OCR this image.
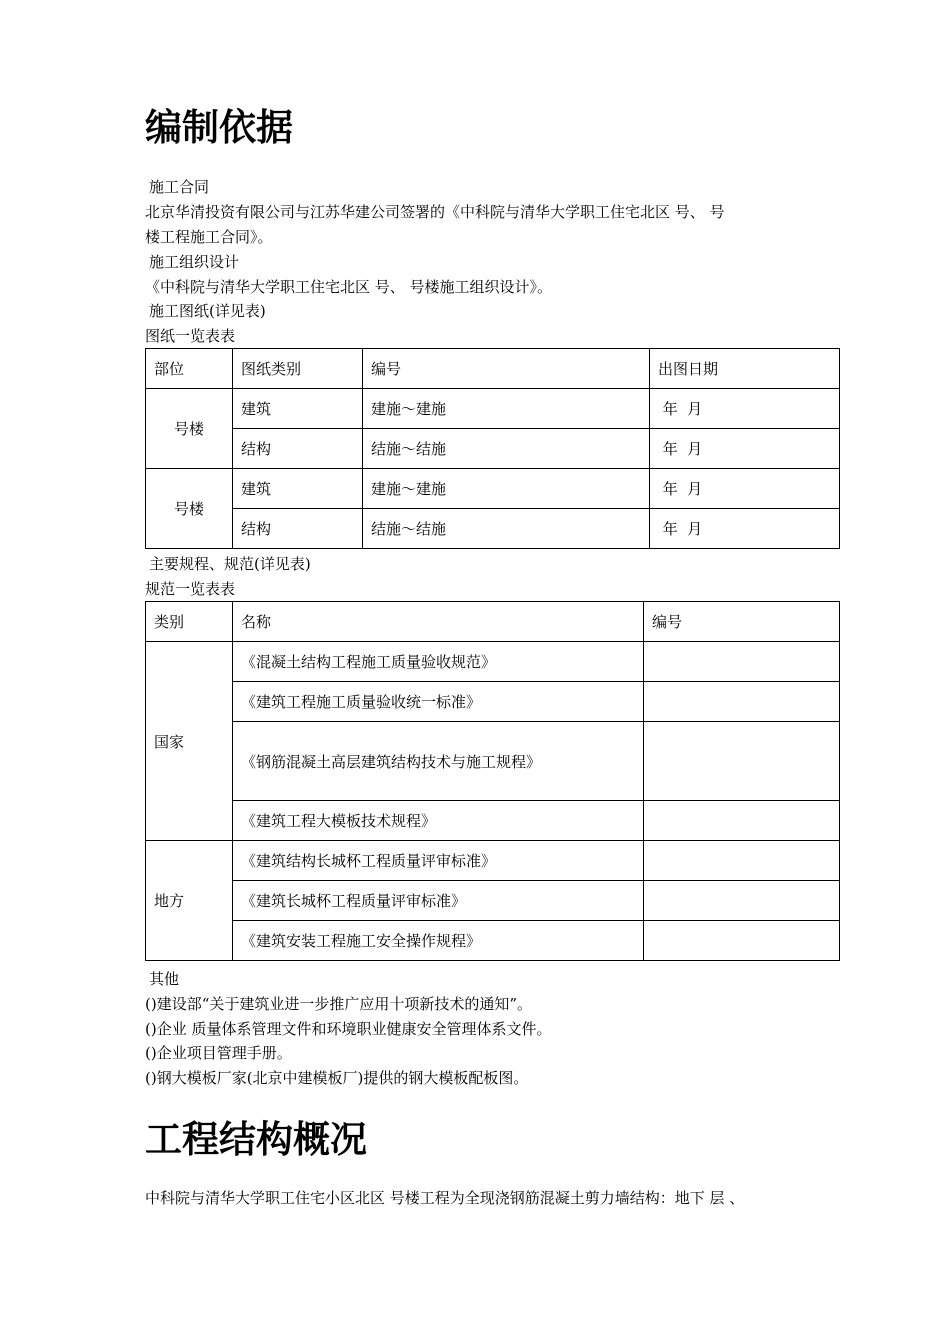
编制依据
施工合同
北京华清投资有限公司与江苏华建公司签署的《中科院与清华大学职工住宅北区 号、 号
楼工程施工合同》。
施工组织设计
《中科院与清华大学职工住宅北区 号、 号楼施工组织设计》。
施工图纸(详见表)
图纸一览表表
部位	图纸类别	编号	出图日期
号楼	建筑	建施～建施	年  月
	结构	结施～结施	年  月
号楼	建筑	建施～建施	年  月
	结构	结施～结施	年  月
主要规程、规范(详见表)
规范一览表表
类别	名称	编号
国家	《混凝土结构工程施工质量验收规范》	
	《建筑工程施工质量验收统一标准》	
	《钢筋混凝土高层建筑结构技术与施工规程》	
	《建筑工程大模板技术规程》	
地方	《建筑结构长城杯工程质量评审标准》	
	《建筑长城杯工程质量评审标准》	
	《建筑安装工程施工安全操作规程》	
其他
()建设部“关于建筑业进一步推广应用十项新技术的通知”。
()企业 质量体系管理文件和环境职业健康安全管理体系文件。
()企业项目管理手册。
()钢大模板厂家(北京中建模板厂)提供的钢大模板配板图。
工程结构概况
中科院与清华大学职工住宅小区北区 号楼工程为全现浇钢筋混凝土剪力墙结构：地下 层 、
